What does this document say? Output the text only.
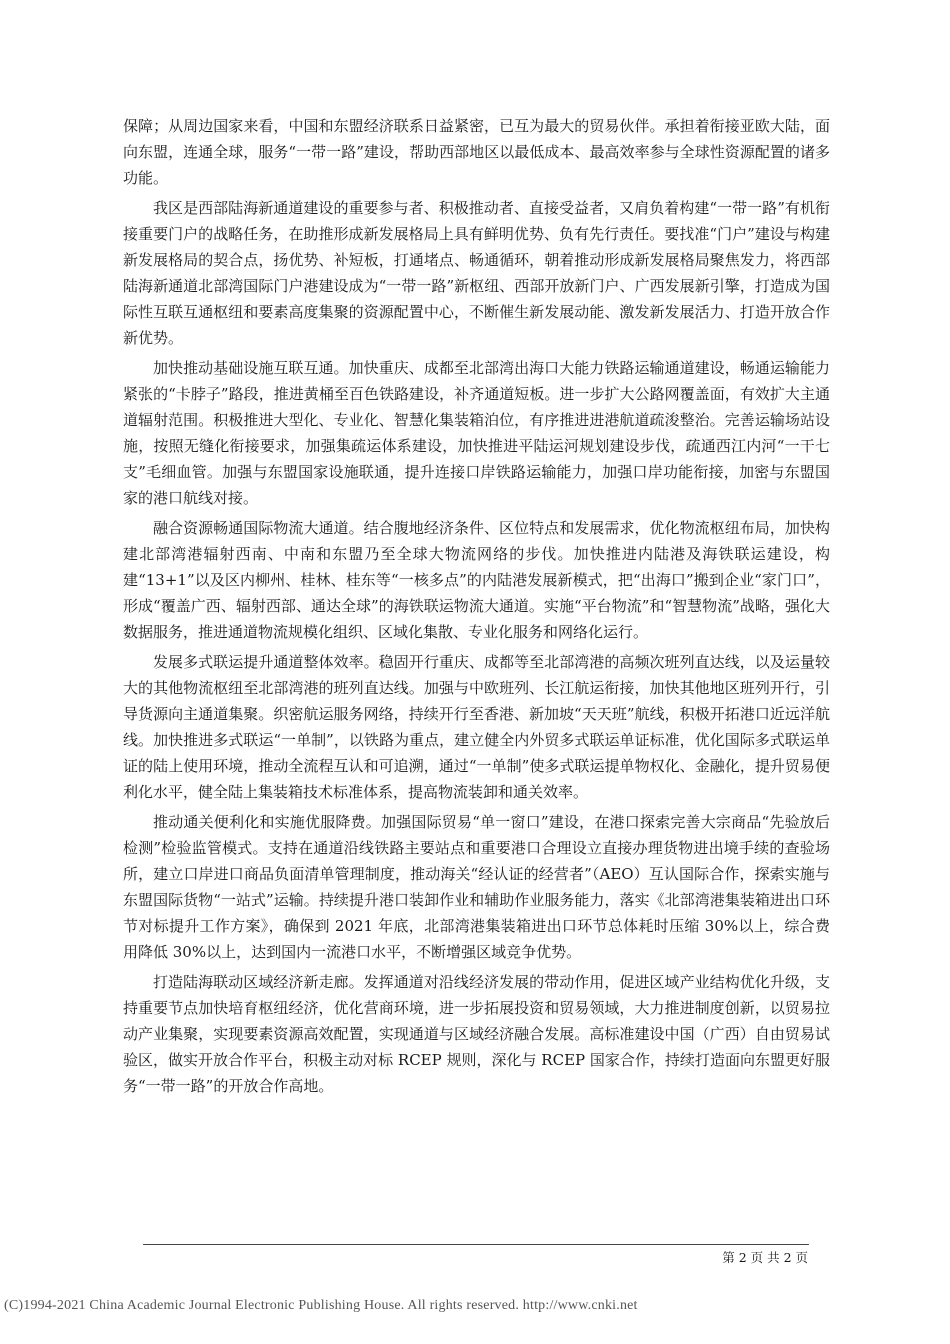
保障；从周边国家来看，中国和东盟经济联系日益紧密，已互为最大的贸易伙伴。承担着衔接亚欧大陆，面向东盟，连通全球，服务“一带一路”建设，帮助西部地区以最低成本、最高效率参与全球性资源配置的诸多功能。

我区是西部陆海新通道建设的重要参与者、积极推动者、直接受益者，又肩负着构建“一带一路”有机衔接重要门户的战略任务，在助推形成新发展格局上具有鲜明优势、负有先行责任。要找准“门户”建设与构建新发展格局的契合点，扬优势、补短板，打通堵点、畅通循环，朝着推动形成新发展格局聚焦发力，将西部陆海新通道北部湾国际门户港建设成为“一带一路”新枢纽、西部开放新门户、广西发展新引擎，打造成为国际性互联互通枢纽和要素高度集聚的资源配置中心，不断催生新发展动能、激发新发展活力、打造开放合作新优势。

加快推动基础设施互联互通。加快重庆、成都至北部湾出海口大能力铁路运输通道建设，畅通运输能力紧张的“卡脖子”路段，推进黄桶至百色铁路建设，补齐通道短板。进一步扩大公路网覆盖面，有效扩大主通道辐射范围。积极推进大型化、专业化、智慧化集装箱泊位，有序推进进港航道疏浚整治。完善运输场站设施，按照无缝化衔接要求，加强集疏运体系建设，加快推进平陆运河规划建设步伐，疏通西江内河“一干七支”毛细血管。加强与东盟国家设施联通，提升连接口岸铁路运输能力，加强口岸功能衔接，加密与东盟国家的港口航线对接。

融合资源畅通国际物流大通道。结合腹地经济条件、区位特点和发展需求，优化物流枢纽布局，加快构建北部湾港辐射西南、中南和东盟乃至全球大物流网络的步伐。加快推进内陆港及海铁联运建设，构建“13+1”以及区内柳州、桂林、桂东等“一核多点”的内陆港发展新模式，把“出海口”搬到企业“家门口”，形成“覆盖广西、辐射西部、通达全球”的海铁联运物流大通道。实施“平台物流”和“智慧物流”战略，强化大数据服务，推进通道物流规模化组织、区域化集散、专业化服务和网络化运行。

发展多式联运提升通道整体效率。稳固开行重庆、成都等至北部湾港的高频次班列直达线，以及运量较大的其他物流枢纽至北部湾港的班列直达线。加强与中欧班列、长江航运衔接，加快其他地区班列开行，引导货源向主通道集聚。织密航运服务网络，持续开行至香港、新加坡“天天班”航线，积极开拓港口近远洋航线。加快推进多式联运“一单制”，以铁路为重点，建立健全内外贸多式联运单证标准，优化国际多式联运单证的陆上使用环境，推动全流程互认和可追溯，通过“一单制”使多式联运提单物权化、金融化，提升贸易便利化水平，健全陆上集装箱技术标准体系，提高物流装卸和通关效率。

推动通关便利化和实施优服降费。加强国际贸易“单一窗口”建设，在港口探索完善大宗商品“先验放后检测”检验监管模式。支持在通道沿线铁路主要站点和重要港口合理设立直接办理货物进出境手续的查验场所，建立口岸进口商品负面清单管理制度，推动海关“经认证的经营者”（AEO）互认国际合作，探索实施与东盟国际货物“一站式”运输。持续提升港口装卸作业和辅助作业服务能力，落实《北部湾港集装箱进出口环节对标提升工作方案》，确保到 2021 年底，北部湾港集装箱进出口环节总体耗时压缩 30%以上，综合费用降低 30%以上，达到国内一流港口水平，不断增强区域竞争优势。

打造陆海联动区域经济新走廊。发挥通道对沿线经济发展的带动作用，促进区域产业结构优化升级，支持重要节点加快培育枢纽经济，优化营商环境，进一步拓展投资和贸易领域，大力推进制度创新，以贸易拉动产业集聚，实现要素资源高效配置，实现通道与区域经济融合发展。高标准建设中国（广西）自由贸易试验区，做实开放合作平台，积极主动对标 RCEP 规则，深化与 RCEP 国家合作，持续打造面向东盟更好服务“一带一路”的开放合作高地。

第 2 页 共 2 页
(C)1994-2021 China Academic Journal Electronic Publishing House. All rights reserved. http://www.cnki.net
